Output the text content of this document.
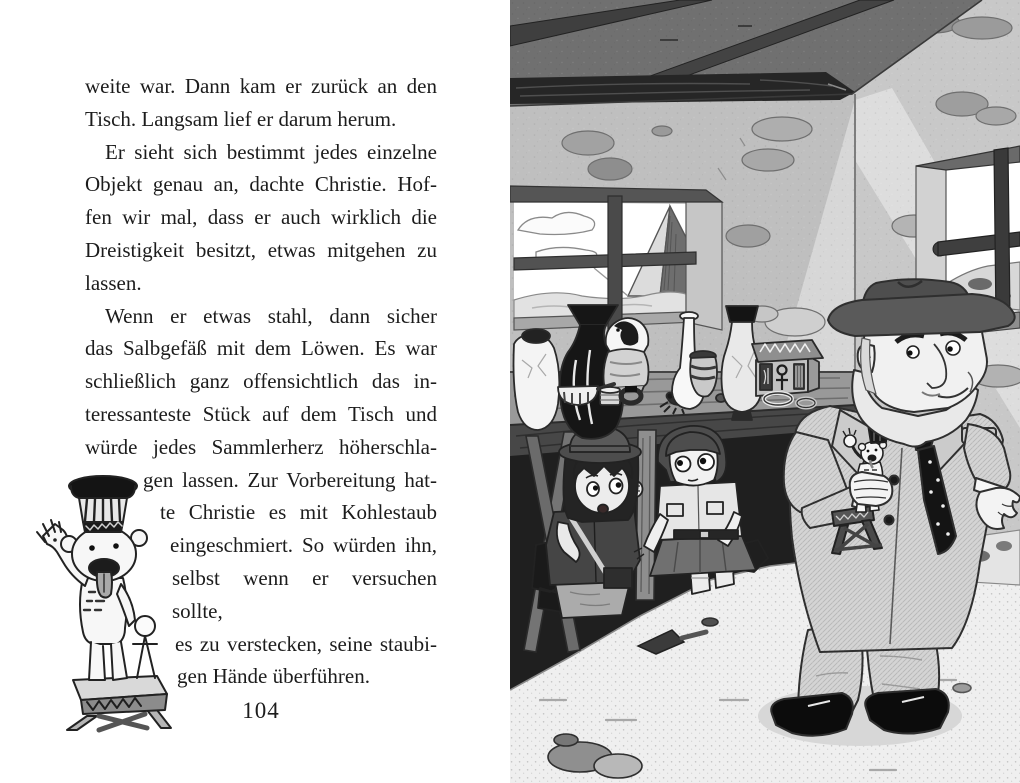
weite war. Dann kam er zurück an den
Tisch. Langsam lief er darum herum.
Er sieht sich bestimmt jedes einzelne
Objekt genau an, dachte Christie. Hof-
fen wir mal, dass er auch wirklich die
Dreistigkeit besitzt, etwas mitgehen zu
lassen.
Wenn er etwas stahl, dann sicher
das Salbgefäß mit dem Löwen. Es war
schließlich ganz offensichtlich das in-
teressanteste Stück auf dem Tisch und
würde jedes Sammlerherz höherschla-
gen lassen. Zur Vorbereitung hat-
te Christie es mit Kohlestaub
eingeschmiert. So würden ihn,
selbst wenn er versuchen sollte,
es zu verstecken, seine staubi-
gen Hände überführen.
104
